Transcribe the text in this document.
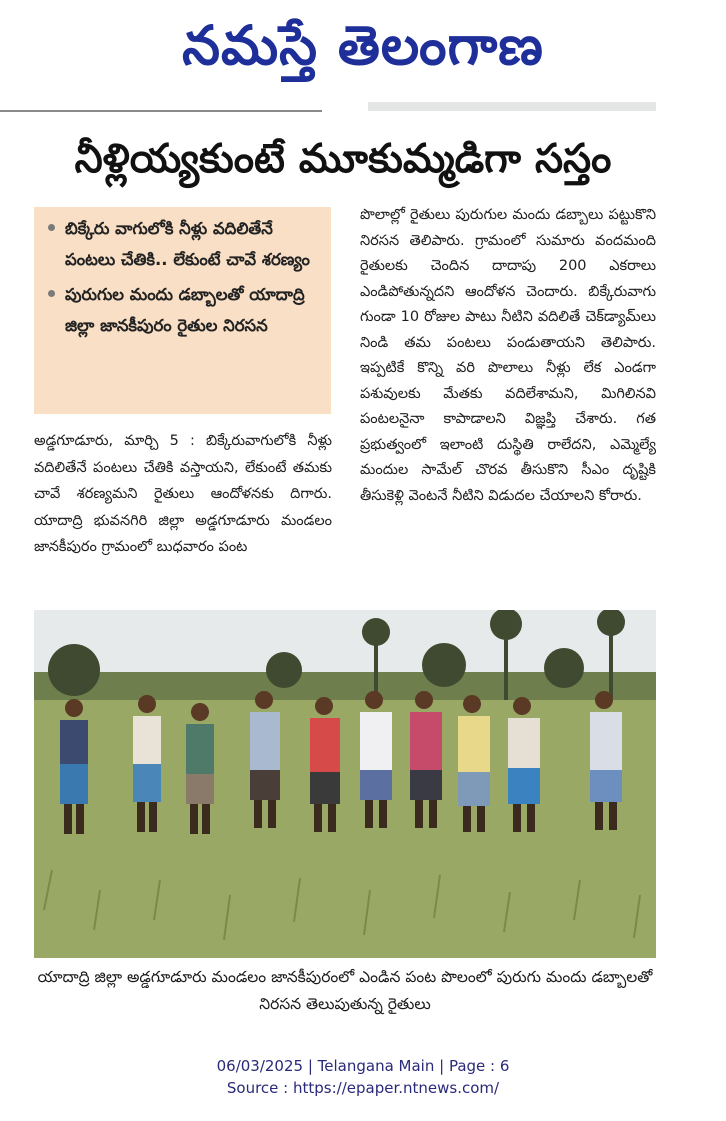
నమస్తే తెలంగాణ
నీళ్లియ్యకుంటే మూకుమ్మడిగా సస్తం
బిక్కేరు వాగులోకి నీళ్లు వదిలితేనే పంటలు చేతికి.. లేకుంటే చావే శరణ్యం
పురుగుల మందు డబ్బాలతో యాదాద్రి జిల్లా జానకీపురం రైతుల నిరసన
అడ్డగూడూరు, మార్చి 5 : బిక్కేరువాగులోకి నీళ్లు వదిలితేనే పంటలు చేతికి వస్తాయని, లేకుంటే తమకు చావే శరణ్యమని రైతులు ఆందోళనకు దిగారు. యాదాద్రి భువనగిరి జిల్లా అడ్డగూడూరు మండలం జానకీపురం గ్రామంలో బుధవారం పంట
పొలాల్లో రైతులు పురుగుల మందు డబ్బాలు పట్టుకొని నిరసన తెలిపారు. గ్రామంలో సుమారు వందమంది రైతులకు చెందిన దాదాపు 200 ఎకరాలు ఎండిపోతున్నదని ఆందోళన చెందారు. బిక్కేరువాగు గుండా 10 రోజుల పాటు నీటిని వదిలితే చెక్‌డ్యామ్‌లు నిండి తమ పంటలు పండుతాయని తెలిపారు. ఇప్పటికే కొన్ని వరి పొలాలు నీళ్లు లేక ఎండగా పశువులకు మేతకు వదిలేశామని, మిగిలినవి పంటలనైనా కాపాడాలని విజ్ఞప్తి చేశారు. గత ప్రభుత్వంలో ఇలాంటి దుస్థితి రాలేదని, ఎమ్మెల్యే మందుల సామేల్ చొరవ తీసుకొని సీఎం దృష్టికి తీసుకెళ్లి వెంటనే నీటిని విడుదల చేయాలని కోరారు.
యాదాద్రి జిల్లా అడ్డగూడూరు మండలం జానకీపురంలో ఎండిన పంట పొలంలో పురుగు మందు డబ్బాలతో నిరసన తెలుపుతున్న రైతులు
06/03/2025 | Telangana Main | Page : 6
Source : https://epaper.ntnews.com/
